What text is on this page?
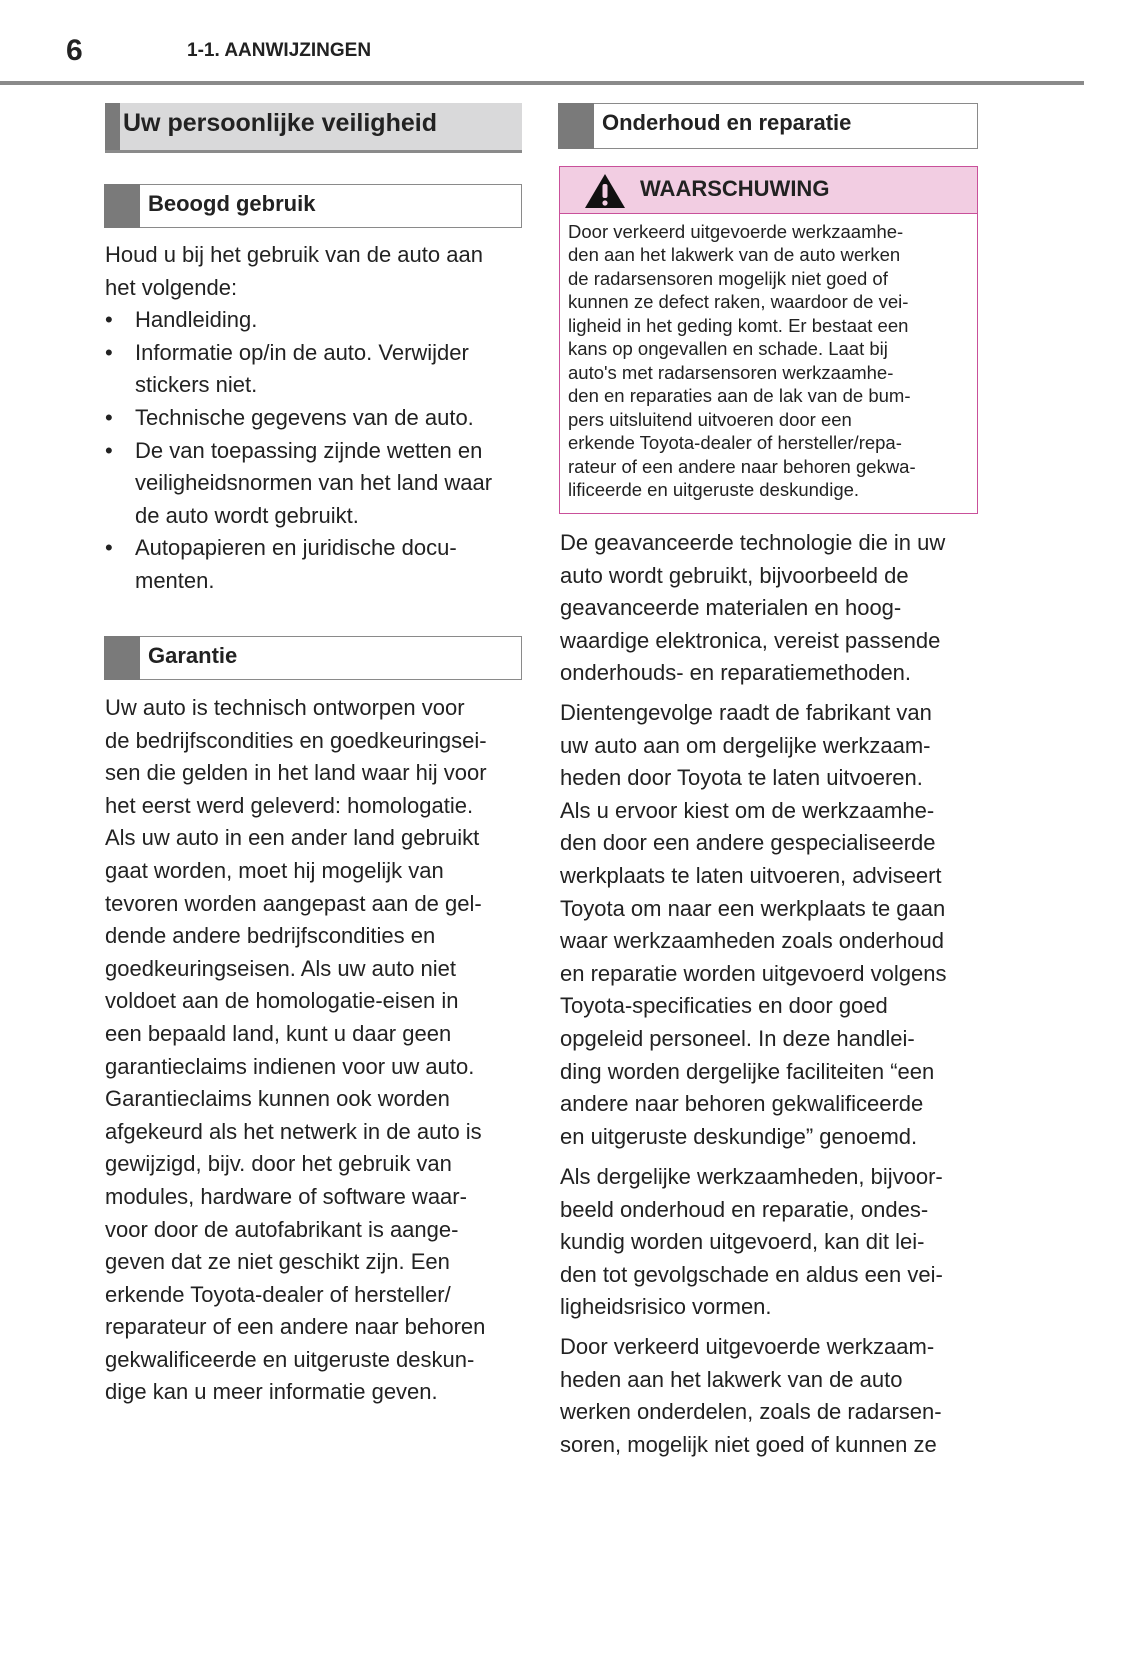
6	1-1. AANWIJZINGEN
Uw persoonlijke veiligheid
Beoogd gebruik
Houd u bij het gebruik van de auto aan
het volgende:
• Handleiding.
• Informatie op/in de auto. Verwijder
stickers niet.
• Technische gegevens van de auto.
• De van toepassing zijnde wetten en
veiligheidsnormen van het land waar
de auto wordt gebruikt.
• Autopapieren en juridische docu-
menten.
Garantie
Uw auto is technisch ontworpen voor
de bedrijfscondities en goedkeuringsei-
sen die gelden in het land waar hij voor
het eerst werd geleverd: homologatie.
Als uw auto in een ander land gebruikt
gaat worden, moet hij mogelijk van
tevoren worden aangepast aan de gel-
dende andere bedrijfscondities en
goedkeuringseisen. Als uw auto niet
voldoet aan de homologatie-eisen in
een bepaald land, kunt u daar geen
garantieclaims indienen voor uw auto.
Garantieclaims kunnen ook worden
afgekeurd als het netwerk in de auto is
gewijzigd, bijv. door het gebruik van
modules, hardware of software waar-
voor door de autofabrikant is aange-
geven dat ze niet geschikt zijn. Een
erkende Toyota-dealer of hersteller/
reparateur of een andere naar behoren
gekwalificeerde en uitgeruste deskun-
dige kan u meer informatie geven.
Onderhoud en reparatie
WAARSCHUWING
Door verkeerd uitgevoerde werkzaamhe-
den aan het lakwerk van de auto werken
de radarsensoren mogelijk niet goed of
kunnen ze defect raken, waardoor de vei-
ligheid in het geding komt. Er bestaat een
kans op ongevallen en schade. Laat bij
auto's met radarsensoren werkzaamhe-
den en reparaties aan de lak van de bum-
pers uitsluitend uitvoeren door een
erkende Toyota-dealer of hersteller/repa-
rateur of een andere naar behoren gekwa-
lificeerde en uitgeruste deskundige.
De geavanceerde technologie die in uw
auto wordt gebruikt, bijvoorbeeld de
geavanceerde materialen en hoog-
waardige elektronica, vereist passende
onderhouds- en reparatiemethoden.
Dientengevolge raadt de fabrikant van
uw auto aan om dergelijke werkzaam-
heden door Toyota te laten uitvoeren.
Als u ervoor kiest om de werkzaamhe-
den door een andere gespecialiseerde
werkplaats te laten uitvoeren, adviseert
Toyota om naar een werkplaats te gaan
waar werkzaamheden zoals onderhoud
en reparatie worden uitgevoerd volgens
Toyota-specificaties en door goed
opgeleid personeel. In deze handlei-
ding worden dergelijke faciliteiten “een
andere naar behoren gekwalificeerde
en uitgeruste deskundige” genoemd.
Als dergelijke werkzaamheden, bijvoor-
beeld onderhoud en reparatie, ondes-
kundig worden uitgevoerd, kan dit lei-
den tot gevolgschade en aldus een vei-
ligheidsrisico vormen.
Door verkeerd uitgevoerde werkzaam-
heden aan het lakwerk van de auto
werken onderdelen, zoals de radarsen-
soren, mogelijk niet goed of kunnen ze
